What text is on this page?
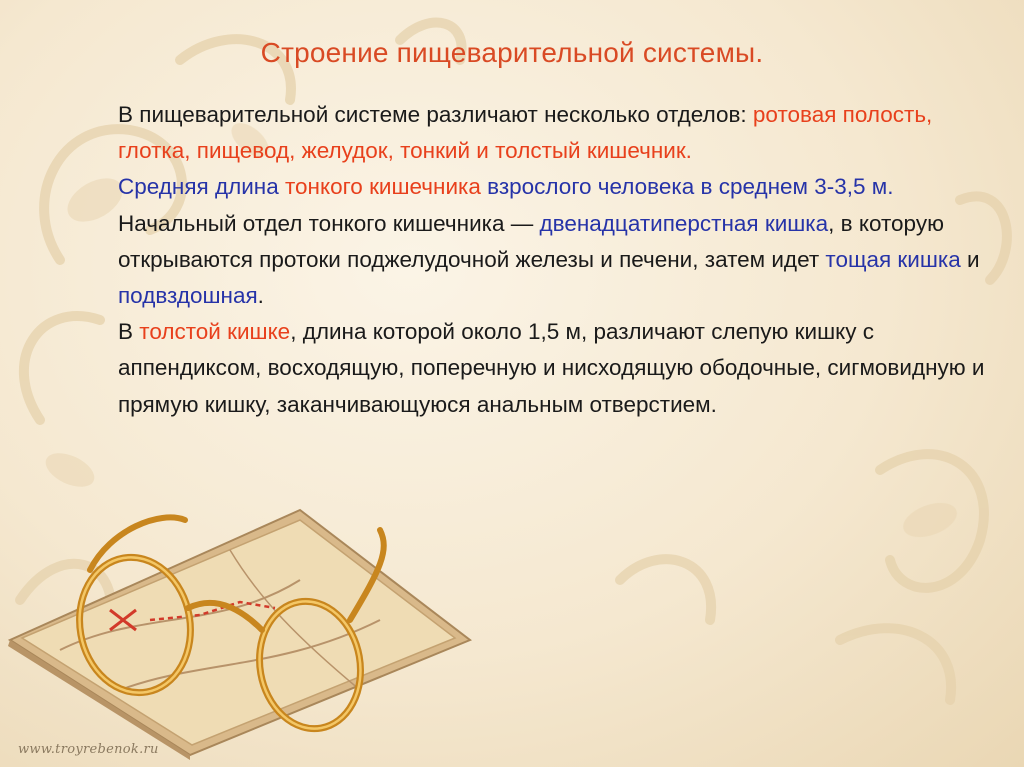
Строение пищеварительной системы.

В пищеварительной системе различают несколько отделов: ротовая полость, глотка, пищевод, желудок, тонкий и толстый кишечник.

Средняя длина тонкого кишечника взрослого человека в среднем 3-3,5 м. Начальный отдел тонкого кишечника — двенадцатиперстная кишка, в которую открываются протоки поджелудочной железы и печени, затем идет тощая кишка и подвздошная.

В толстой кишке, длина которой около 1,5 м, различают слепую кишку с аппендиксом, восходящую, поперечную и нисходящую ободочные, сигмовидную и прямую кишку, заканчивающуюся анальным отверстием.

www.troyrebenok.ru
